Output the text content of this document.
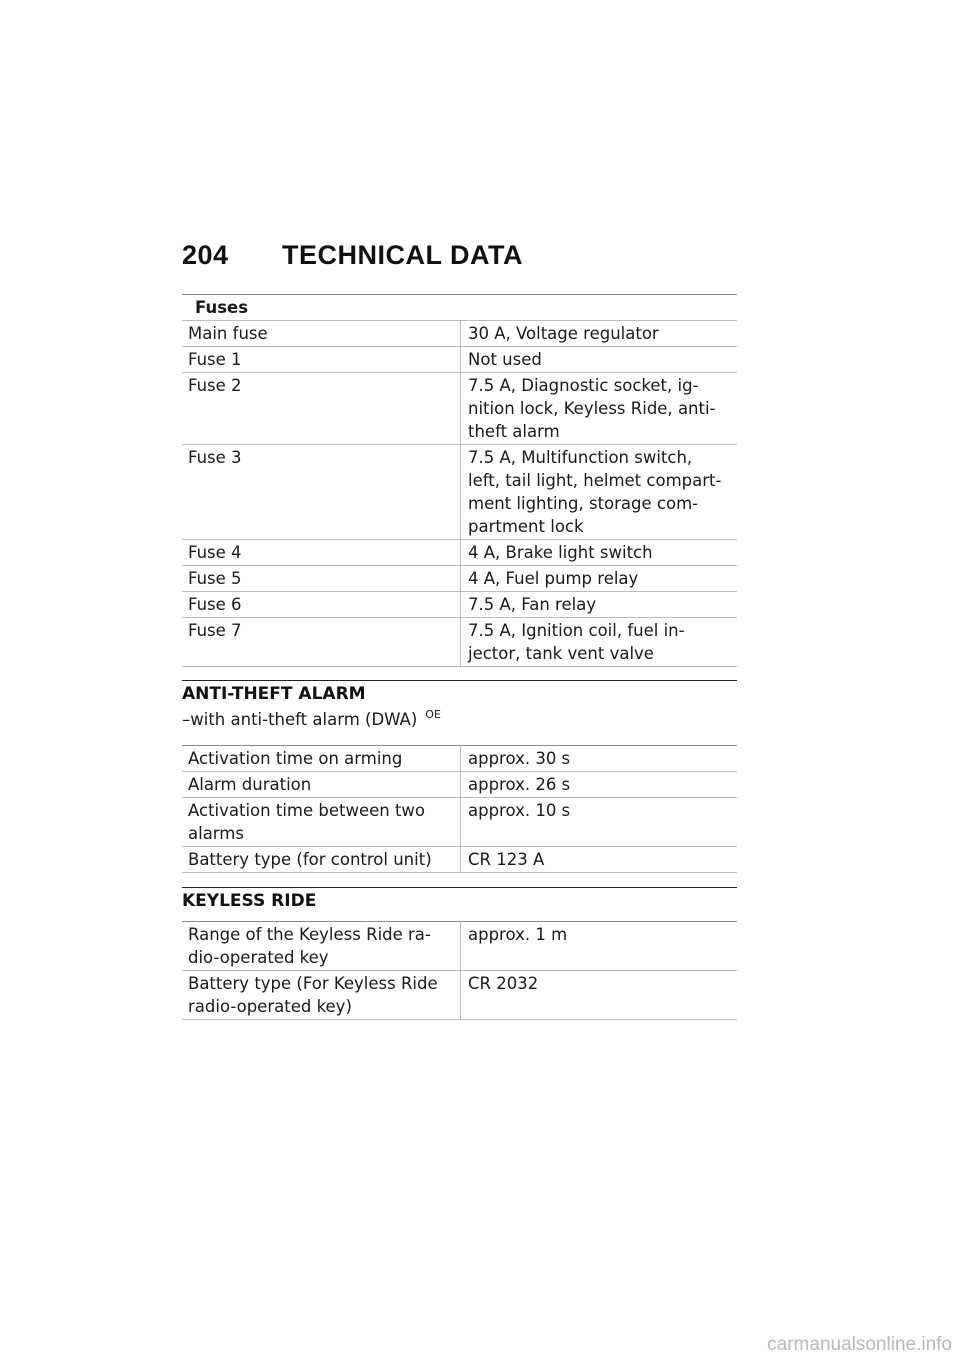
204 TECHNICAL DATA
Fuses	
Main fuse	30 A, Voltage regulator
Fuse 1	Not used
Fuse 2	7.5 A, Diagnostic socket, ig-
nition lock, Keyless Ride, anti-
theft alarm
Fuse 3	7.5 A, Multifunction switch,
left, tail light, helmet compart-
ment lighting, storage com-
partment lock
Fuse 4	4 A, Brake light switch
Fuse 5	4 A, Fuel pump relay
Fuse 6	7.5 A, Fan relay
Fuse 7	7.5 A, Ignition coil, fuel in-
jector, tank vent valve
ANTI-THEFT ALARM
–with anti-theft alarm (DWA) $^{OE}$
Activation time on arming	approx. 30 s
Alarm duration	approx. 26 s
Activation time between two
alarms	approx. 10 s
Battery type (for control unit)	CR 123 A
KEYLESS RIDE
Range of the Keyless Ride ra-
dio-operated key	approx. 1 m
Battery type (For Keyless Ride
radio-operated key)	CR 2032
carmanualsonline.info
